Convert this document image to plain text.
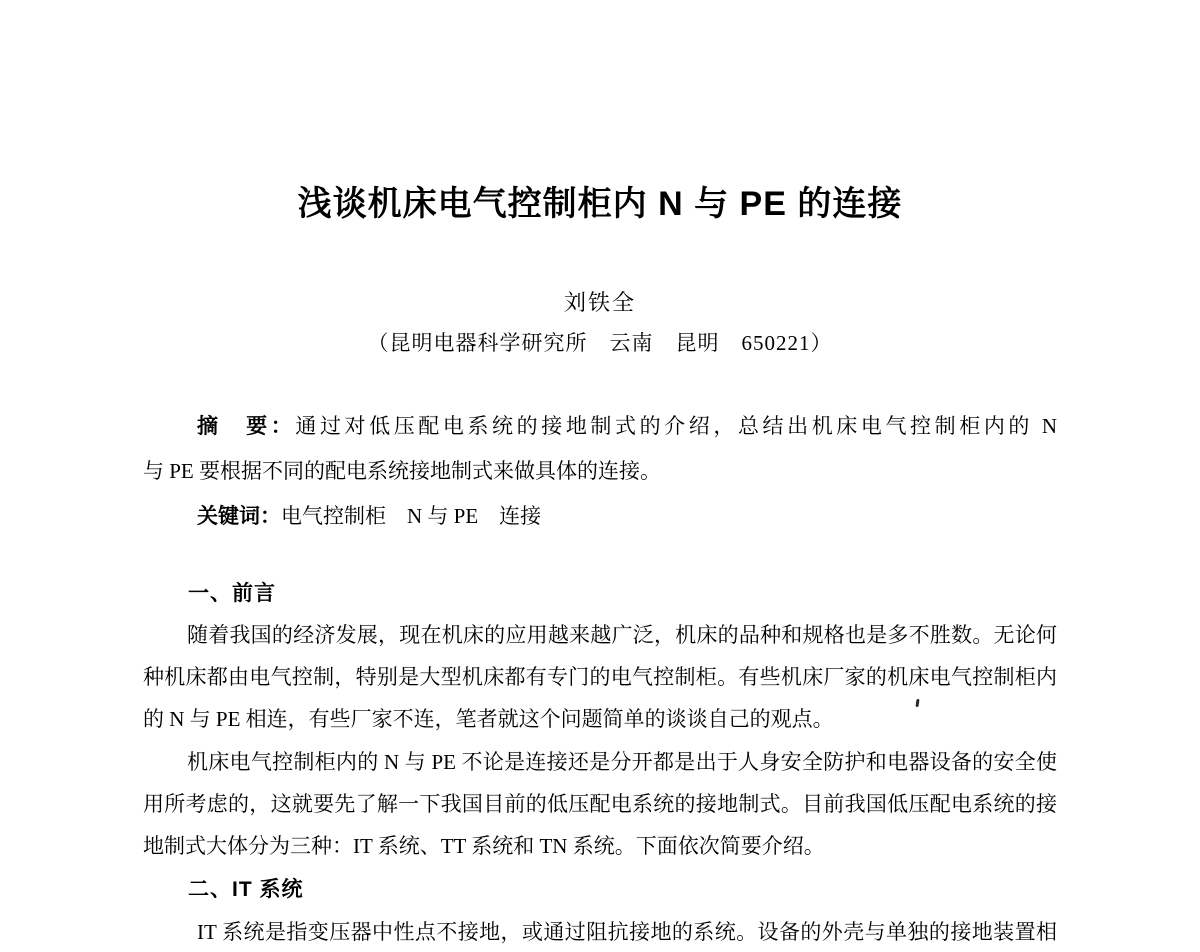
浅谈机床电气控制柜内 N 与 PE 的连接
刘铁全
（昆明电器科学研究所　云南　昆明　650221）
摘　要：通过对低压配电系统的接地制式的介绍，总结出机床电气控制柜内的 N
与 PE 要根据不同的配电系统接地制式来做具体的连接。
关键词：电气控制柜　N 与 PE　连接
一、前言
随着我国的经济发展，现在机床的应用越来越广泛，机床的品种和规格也是多不胜数。无论何
种机床都由电气控制，特别是大型机床都有专门的电气控制柜。有些机床厂家的机床电气控制柜内
的 N 与 PE 相连，有些厂家不连，笔者就这个问题简单的谈谈自己的观点。
机床电气控制柜内的 N 与 PE 不论是连接还是分开都是出于人身安全防护和电器设备的安全使
用所考虑的，这就要先了解一下我国目前的低压配电系统的接地制式。目前我国低压配电系统的接
地制式大体分为三种：IT 系统、TT 系统和 TN 系统。下面依次简要介绍。
二、IT 系统
IT 系统是指变压器中性点不接地，或通过阻抗接地的系统。设备的外壳与单独的接地装置相
